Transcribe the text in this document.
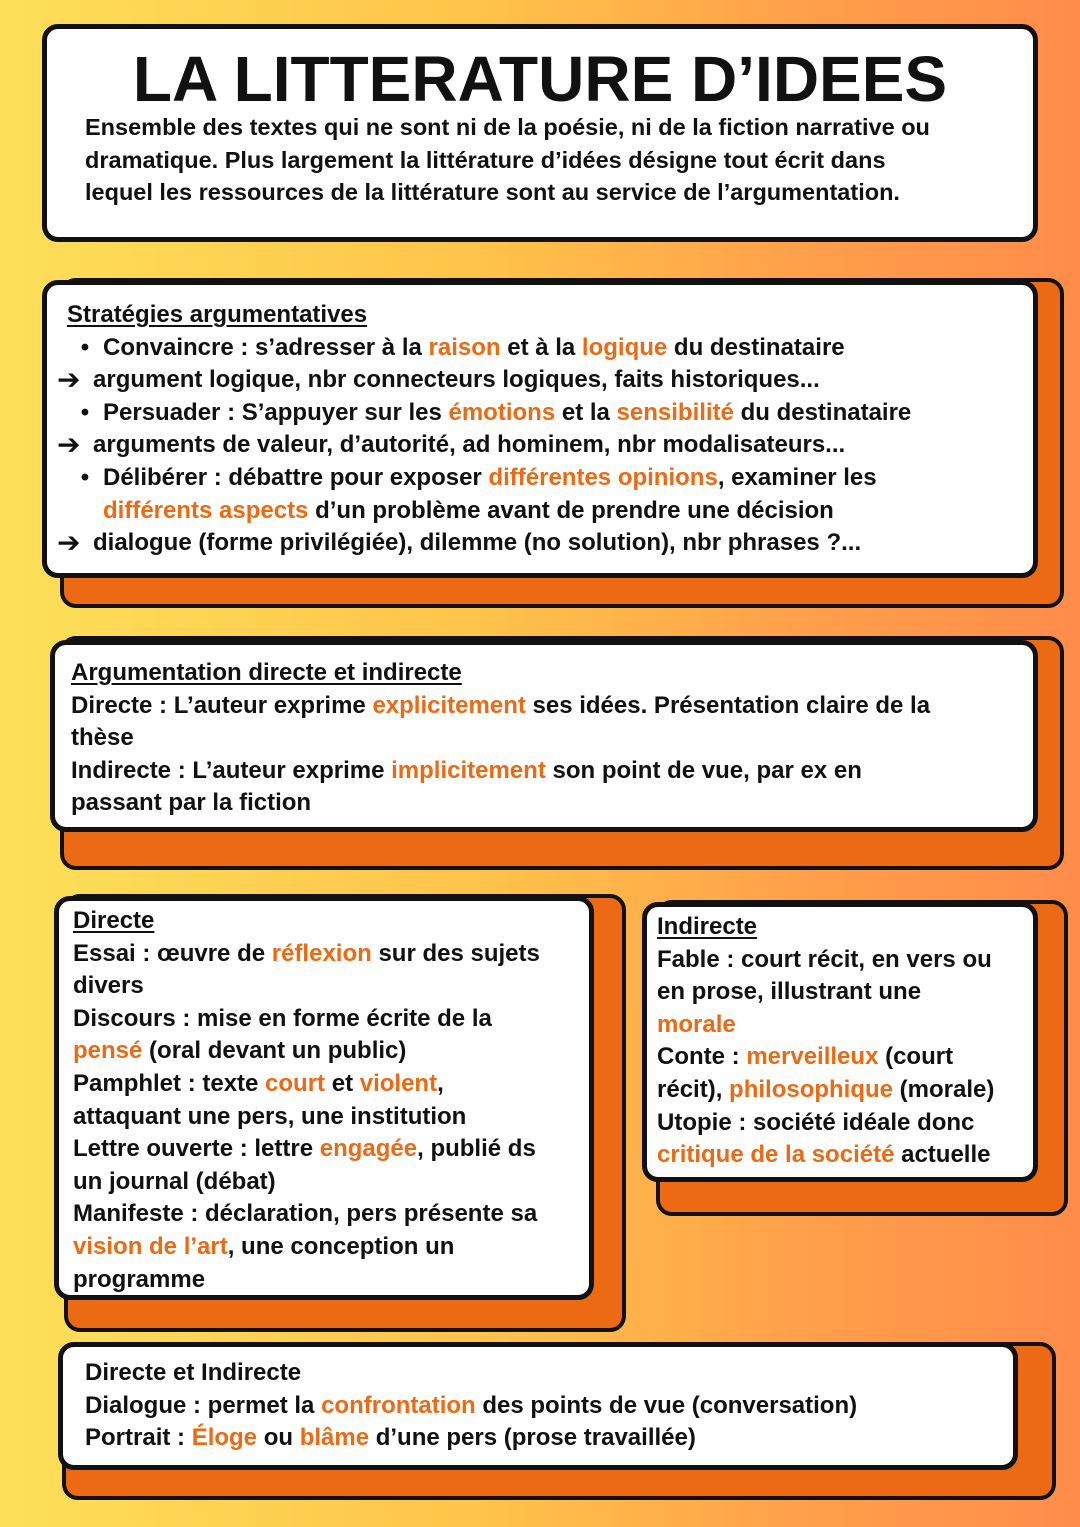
LA LITTERATURE D’IDEES
Ensemble des textes qui ne sont ni de la poésie, ni de la fiction narrative ou
dramatique. Plus largement la littérature d’idées désigne tout écrit dans
lequel les ressources de la littérature sont au service de l’argumentation.
Stratégies argumentatives
• Convaincre : s’adresser à la
raison et à la logique du destinataire
➔ argument logique, nbr connecteurs logiques, faits historiques...
• Persuader : S’appuyer sur les émotions et la sensibilité du destinataire
➔ arguments de valeur, d’autorité, ad hominem, nbr modalisateurs...
• Délibérer : débattre pour exposer différentes opinions , examiner les
différents aspects d’un problème avant de prendre une décision
➔ dialogue (forme privilégiée), dilemme (no solution), nbr phrases ?...
Argumentation directe et indirecte
Directe : L’auteur exprime explicitement ses idées. Présentation claire de la
thèse
Indirecte : L’auteur exprime implicitement son point de vue, par ex en
passant par la fiction
Directe
Essai : œuvre de réflexion sur des sujets
divers
Discours : mise en forme écrite de la
pensé (oral devant un public)
Pamphlet : texte court et violent ,
attaquant une pers, une institution
Lettre ouverte : lettre engagée , publié ds
un journal (débat)
Manifeste : déclaration, pers présente sa
vision de l’art , une conception un
programme
Indirecte
Fable : court récit, en vers ou
en prose, illustrant une
morale
Conte : merveilleux (court
récit), philosophique (morale)
Utopie : société idéale donc
critique de la société actuelle
Directe et Indirecte
Dialogue : permet la confrontation des points de vue (conversation)
Portrait : Éloge ou blâme d’une pers (prose travaillée)
